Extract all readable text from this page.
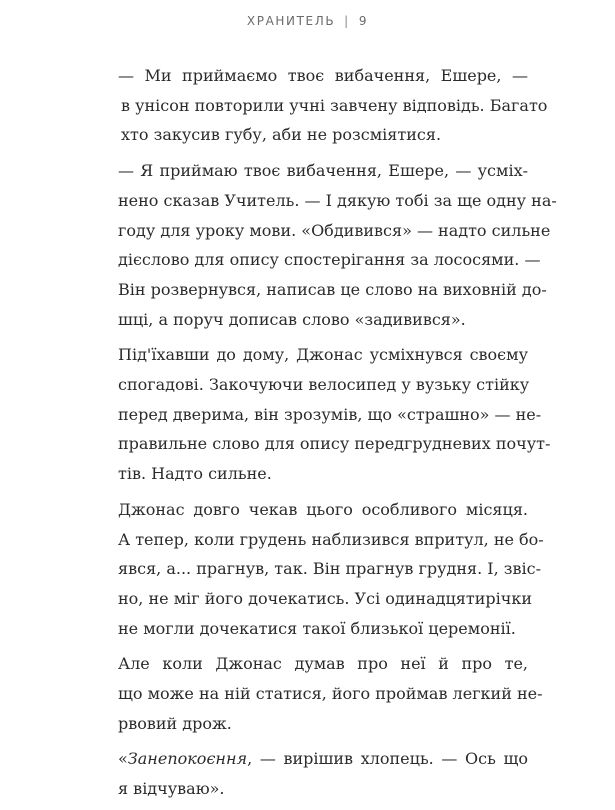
ХРАНИТЕЛЬ | 9

— Ми приймаємо твоє вибачення, Ешере, —
в унісон повторили учні завчену відповідь. Багато
хто закусив губу, аби не розсміятися.

— Я приймаю твоє вибачення, Ешере, — усміх-
нено сказав Учитель. — І дякую тобі за ще одну на-
году для уроку мови. «Обдивився» — надто сильне
дієслово для опису спостерігання за лососями. —
Він розвернувся, написав це слово на виховній до-
шці, а поруч дописав слово «задивився».

Під'їхавши до дому, Джонас усміхнувся своєму
спогадові. Закочуючи велосипед у вузьку стійку
перед дверима, він зрозумів, що «страшно» — не-
правильне слово для опису передгрудневих почут-
тів. Надто сильне.

Джонас довго чекав цього особливого місяця.
А тепер, коли грудень наблизився впритул, не бо-
явся, а... прагнув, так. Він прагнув грудня. І, звіс-
но, не міг його дочекатись. Усі одинадцятирічки
не могли дочекатися такої близької церемонії.

Але коли Джонас думав про неї й про те,
що може на ній статися, його проймав легкий не-
рвовий дрож.

«Занепокоєння, — вирішив хлопець. — Ось що
я відчуваю».
